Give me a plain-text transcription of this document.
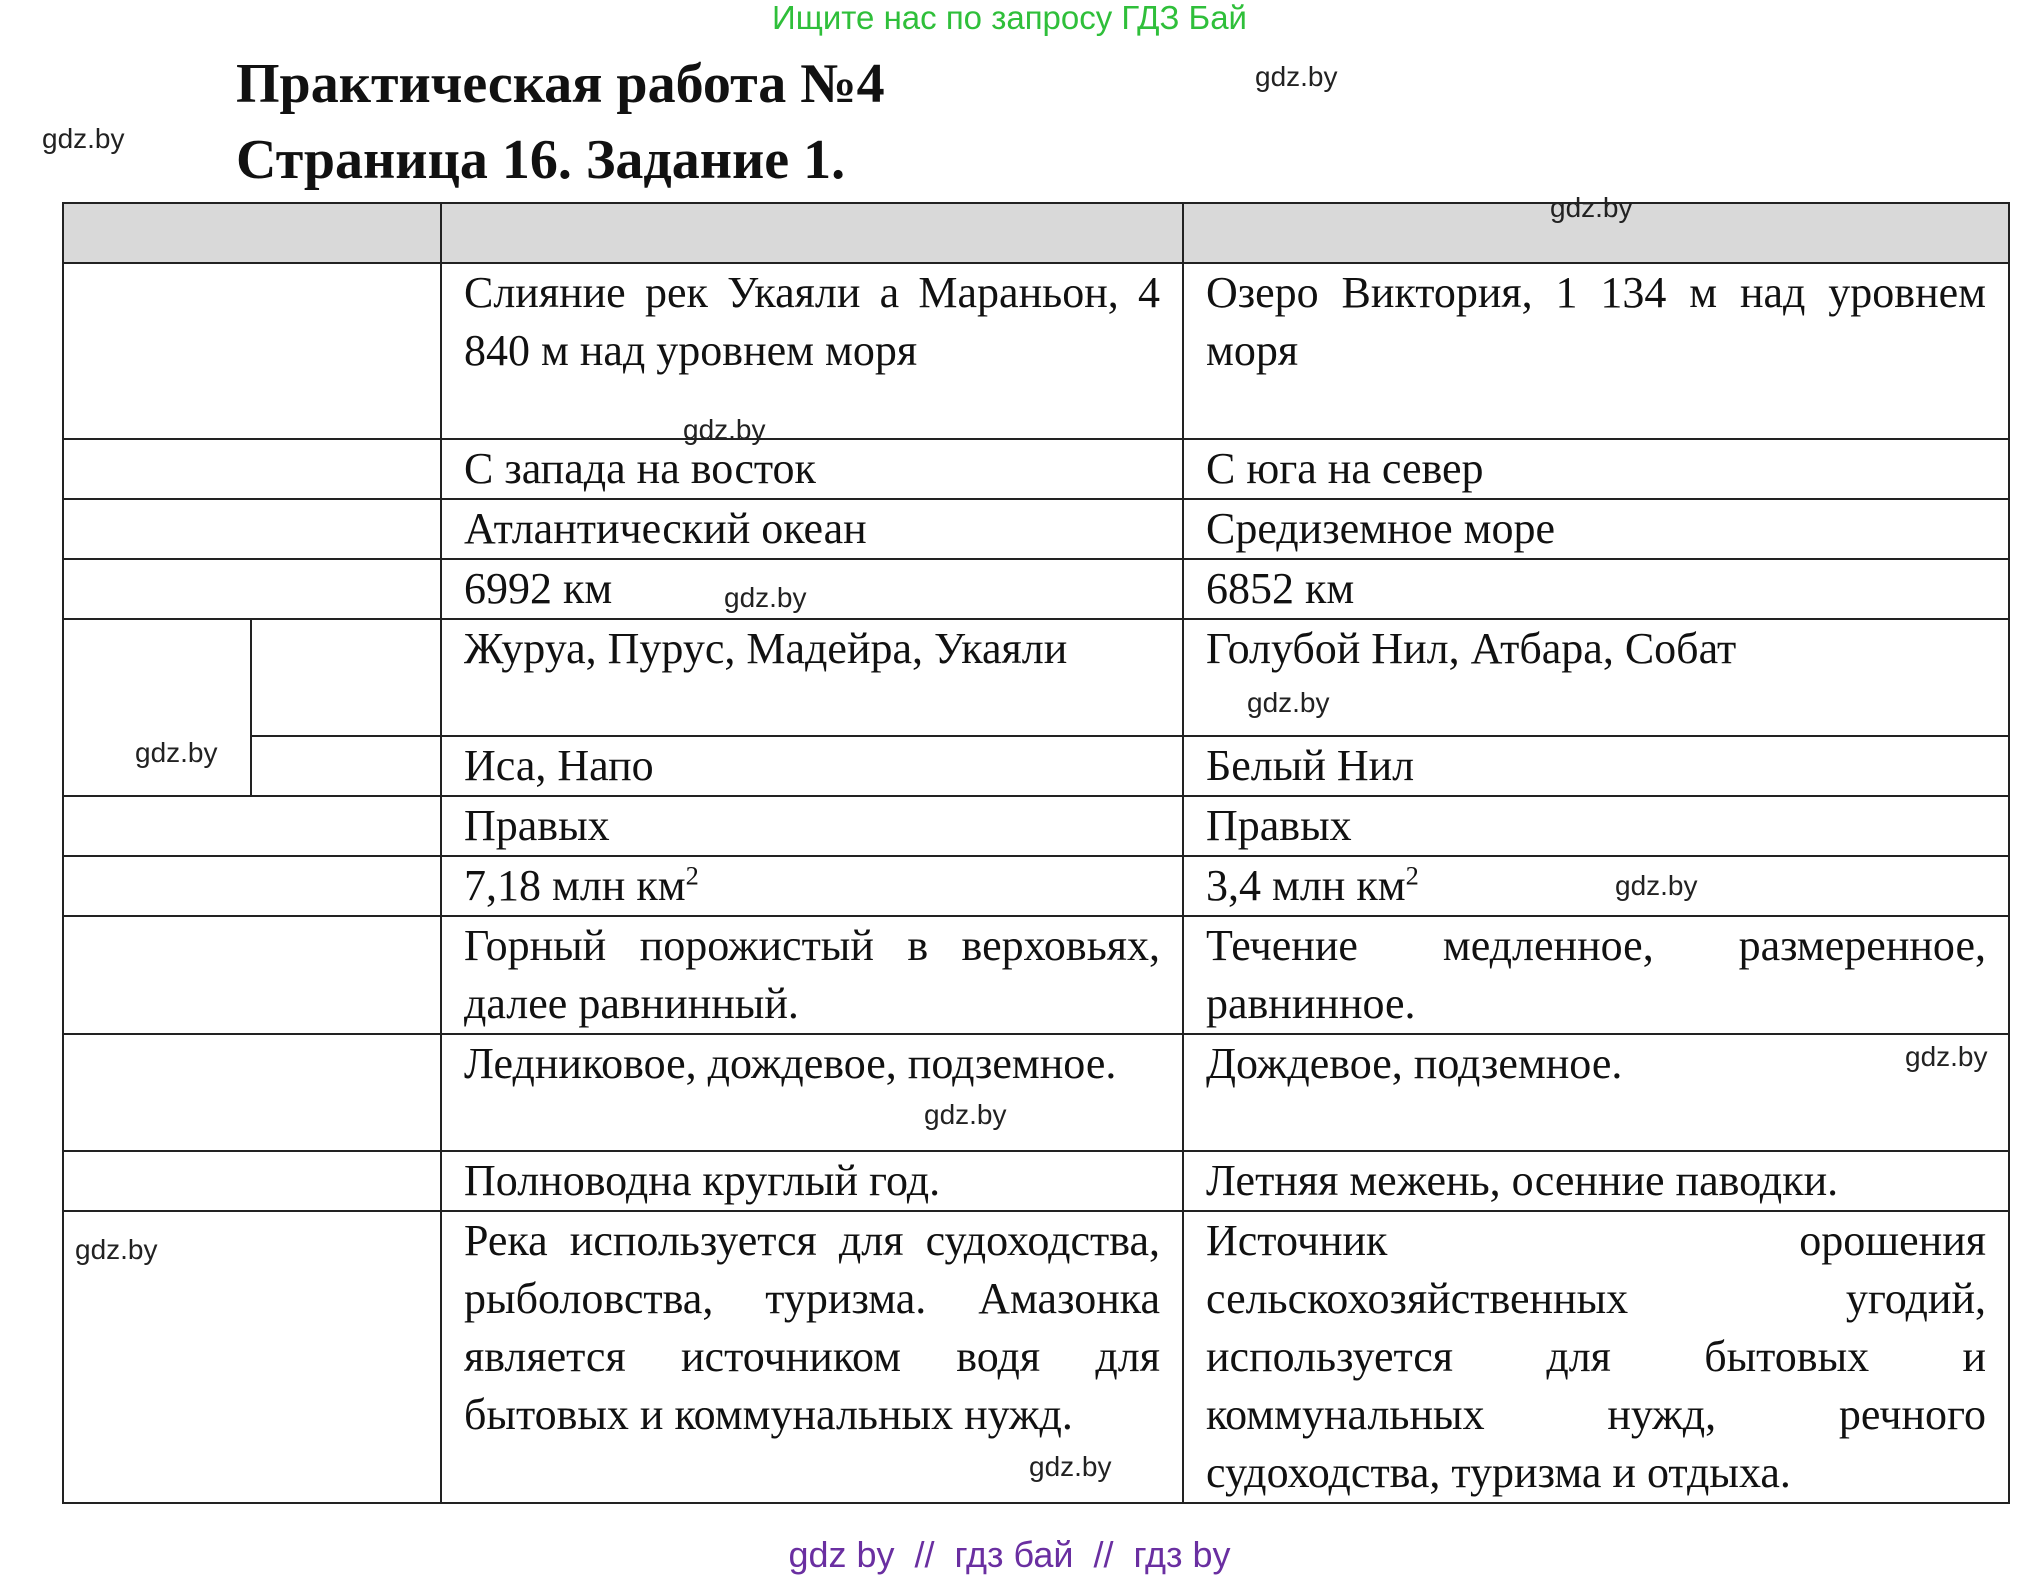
Ищите нас по запросу ГДЗ Бай
Практическая работа №4
Страница 16. Задание 1.

		Слияние рек Укаяли а Мараньон, 4 840 м над уровнем моря	Озеро Виктория, 1 134 м над уровнем моря
		С запада на восток	С юга на север
		Атлантический океан	Средиземное море
		6992 км	6852 км
		Журуа, Пурус, Мадейра, Укаяли	Голубой Нил, Атбара, Собат
		Иса, Напо	Белый Нил
		Правых	Правых
		7,18 млн $км^2$	3,4 млн $км^2$
		Горный порожистый в верховьях, далее равнинный.	Течение медленное, размеренное, равнинное.
		Ледниковое, дождевое, подземное.	Дождевое, подземное.
		Полноводна круглый год.	Летняя межень, осенние паводки.
		Река используется для судоходства, рыболовства, туризма. Амазонка является источником водя для бытовых и коммунальных нужд.	Источник орошения сельскохозяйственных угодий, используется для бытовых и коммунальных нужд, речного судоходства, туризма и отдыха.
gdz.by
gdz.by
gdz.by
gdz.by
gdz.by
gdz.by
gdz.by
gdz.by
gdz.by
gdz.by
gdz.by
gdz.by
gdz by  //  гдз бай  //  гдз by
